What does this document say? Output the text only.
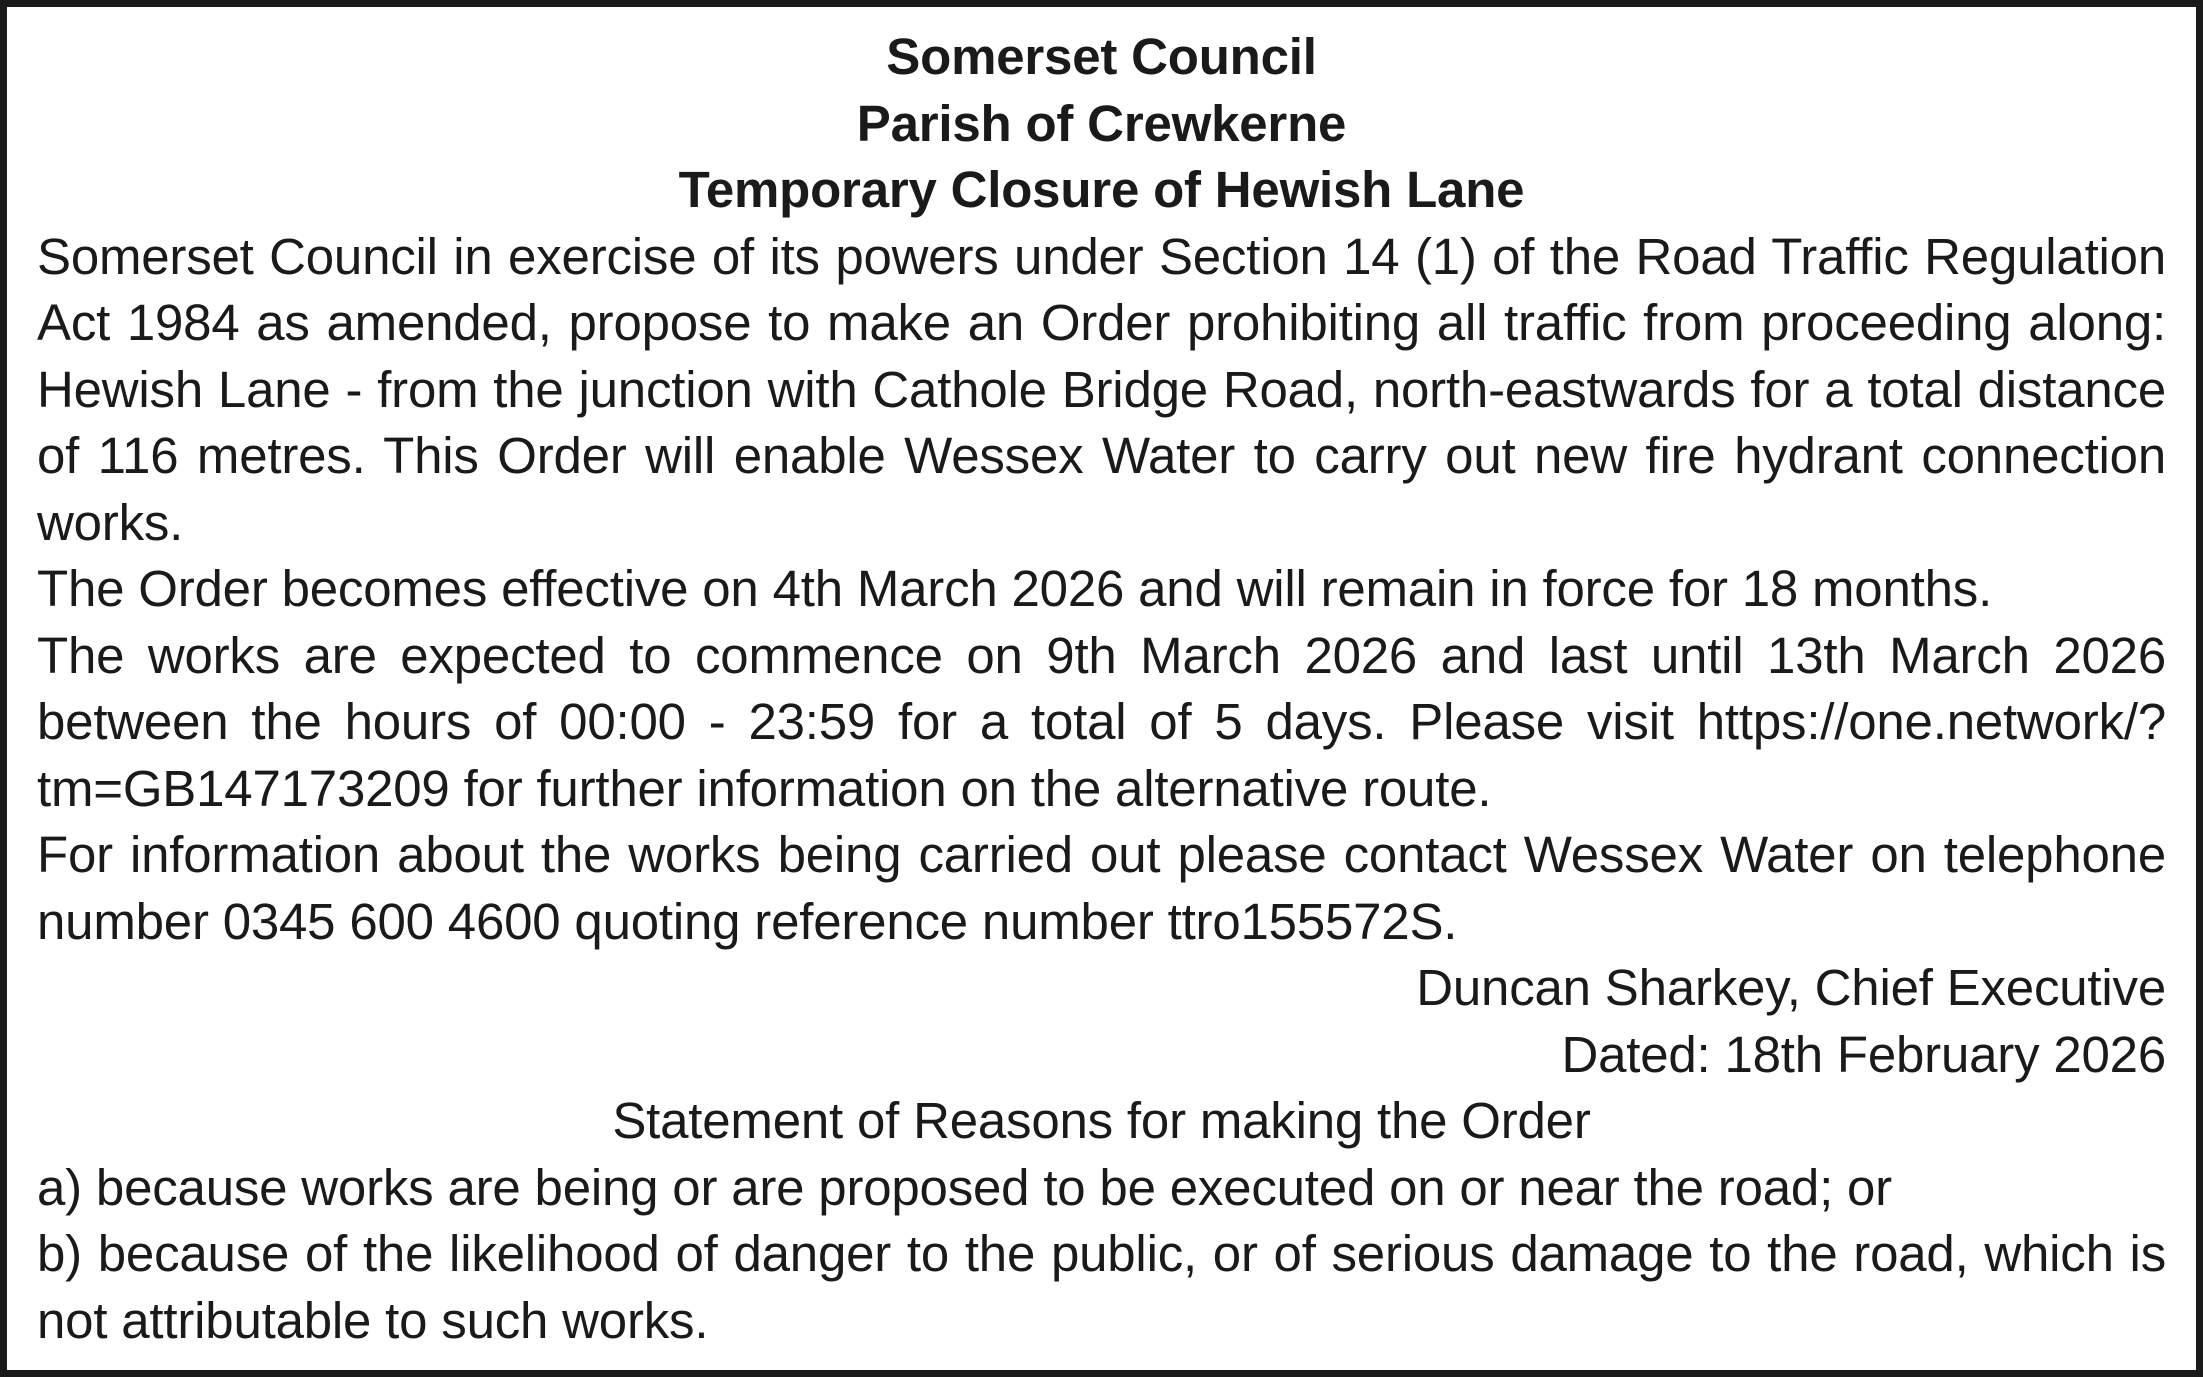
Somerset Council

Parish of Crewkerne

Temporary Closure of Hewish Lane

Somerset Council in exercise of its powers under Section 14 (1) of the Road Traffic Regulation Act 1984 as amended, propose to make an Order prohibiting all traffic from proceeding along: Hewish Lane - from the junction with Cathole Bridge Road, north-eastwards for a total distance of 116 metres. This Order will enable Wessex Water to carry out new fire hydrant connection works.

The Order becomes effective on 4th March 2026 and will remain in force for 18 months.

The works are expected to commence on 9th March 2026 and last until 13th March 2026 between the hours of 00:00 - 23:59 for a total of 5 days. Please visit https://one.network/?tm=GB147173209 for further information on the alternative route.

For information about the works being carried out please contact Wessex Water on telephone number 0345 600 4600 quoting reference number ttro155572S.

Duncan Sharkey, Chief Executive

Dated: 18th February 2026

Statement of Reasons for making the Order

a) because works are being or are proposed to be executed on or near the road; or

b) because of the likelihood of danger to the public, or of serious damage to the road, which is not attributable to such works.
